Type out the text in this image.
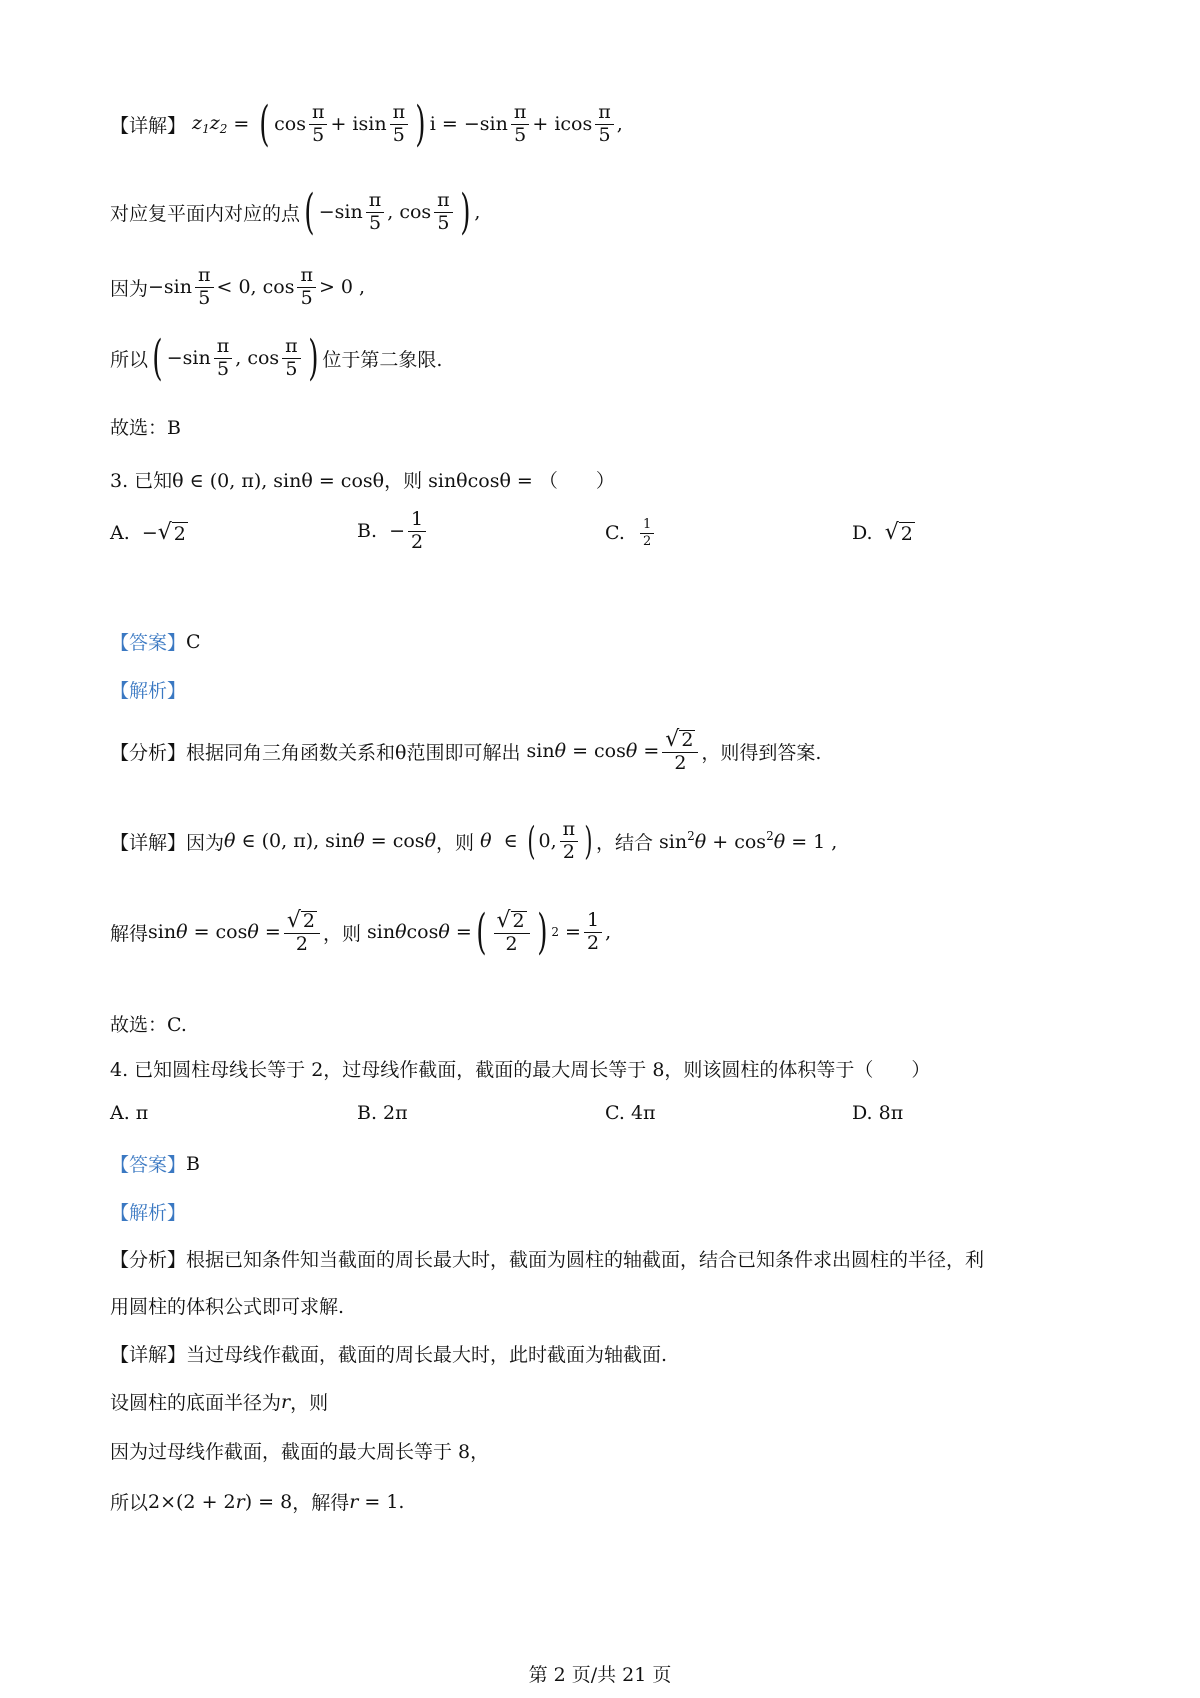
【详解】 $z_1z_2$ = ( $\cos \frac{\pi}{5} + isin \frac{\pi}{5}$ ) $i = -\sin \frac{\pi}{5} + icos \frac{\pi}{5}$ ,
对应复平面内对应的点 ( $-\sin \frac{\pi}{5}$ , $\cos \frac{\pi}{5}$ ) ,
因为 $-\sin \frac{\pi}{5} < 0$, $\cos \frac{\pi}{5} > 0$ ,
所以 ( $-\sin \frac{\pi}{5}$ , $\cos \frac{\pi}{5}$ ) 位于第二象限.
故选：B
3. 已知θ ∈ (0, π), sinθ = cosθ，则 sinθcosθ = （　　）
A. − √ 2	B. − $\frac{1}{2}$	C.
$\frac{1}{2}$	D.
√ 2
【答案】 C
【解析】
【分析】 根据同角三角函数关系和θ范围即可解出 $\sin\theta = \cos\theta = \frac{√ 2}{2}$ ，则得到答案.
【详解】 因为 θ ∈ (0, π), sinθ = cosθ ，则 θ  ∈ ( 0, $\frac{\pi}{2}$ ) ，结合 $\sin^2\theta + \cos^2\theta = 1$ ,
解得 $\sin\theta = \cos\theta = \frac{√ 2}{2}$ ，则 sinθcosθ = ( $\frac{√ 2}{2}$ ) $2 = \frac{1}{2}$ ,
故选：C.
4. 已知圆柱母线长等于 2，过母线作截面，截面的最大周长等于 8，则该圆柱的体积等于（　　）
A. π	B. 2π	C. 4π	D. 8π
【答案】 B
【解析】
【分析】根据已知条件知当截面的周长最大时，截面为圆柱的轴截面，结合已知条件求出圆柱的半径，利
用圆柱的体积公式即可求解.
【详解】当过母线作截面，截面的周长最大时，此时截面为轴截面.
设圆柱的底面半径为 r ，则
因为过母线作截面，截面的最大周长等于 8，
所以 2×(2 + 2r) = 8 ，解得 r = 1 .
第 2 页/共 21 页
